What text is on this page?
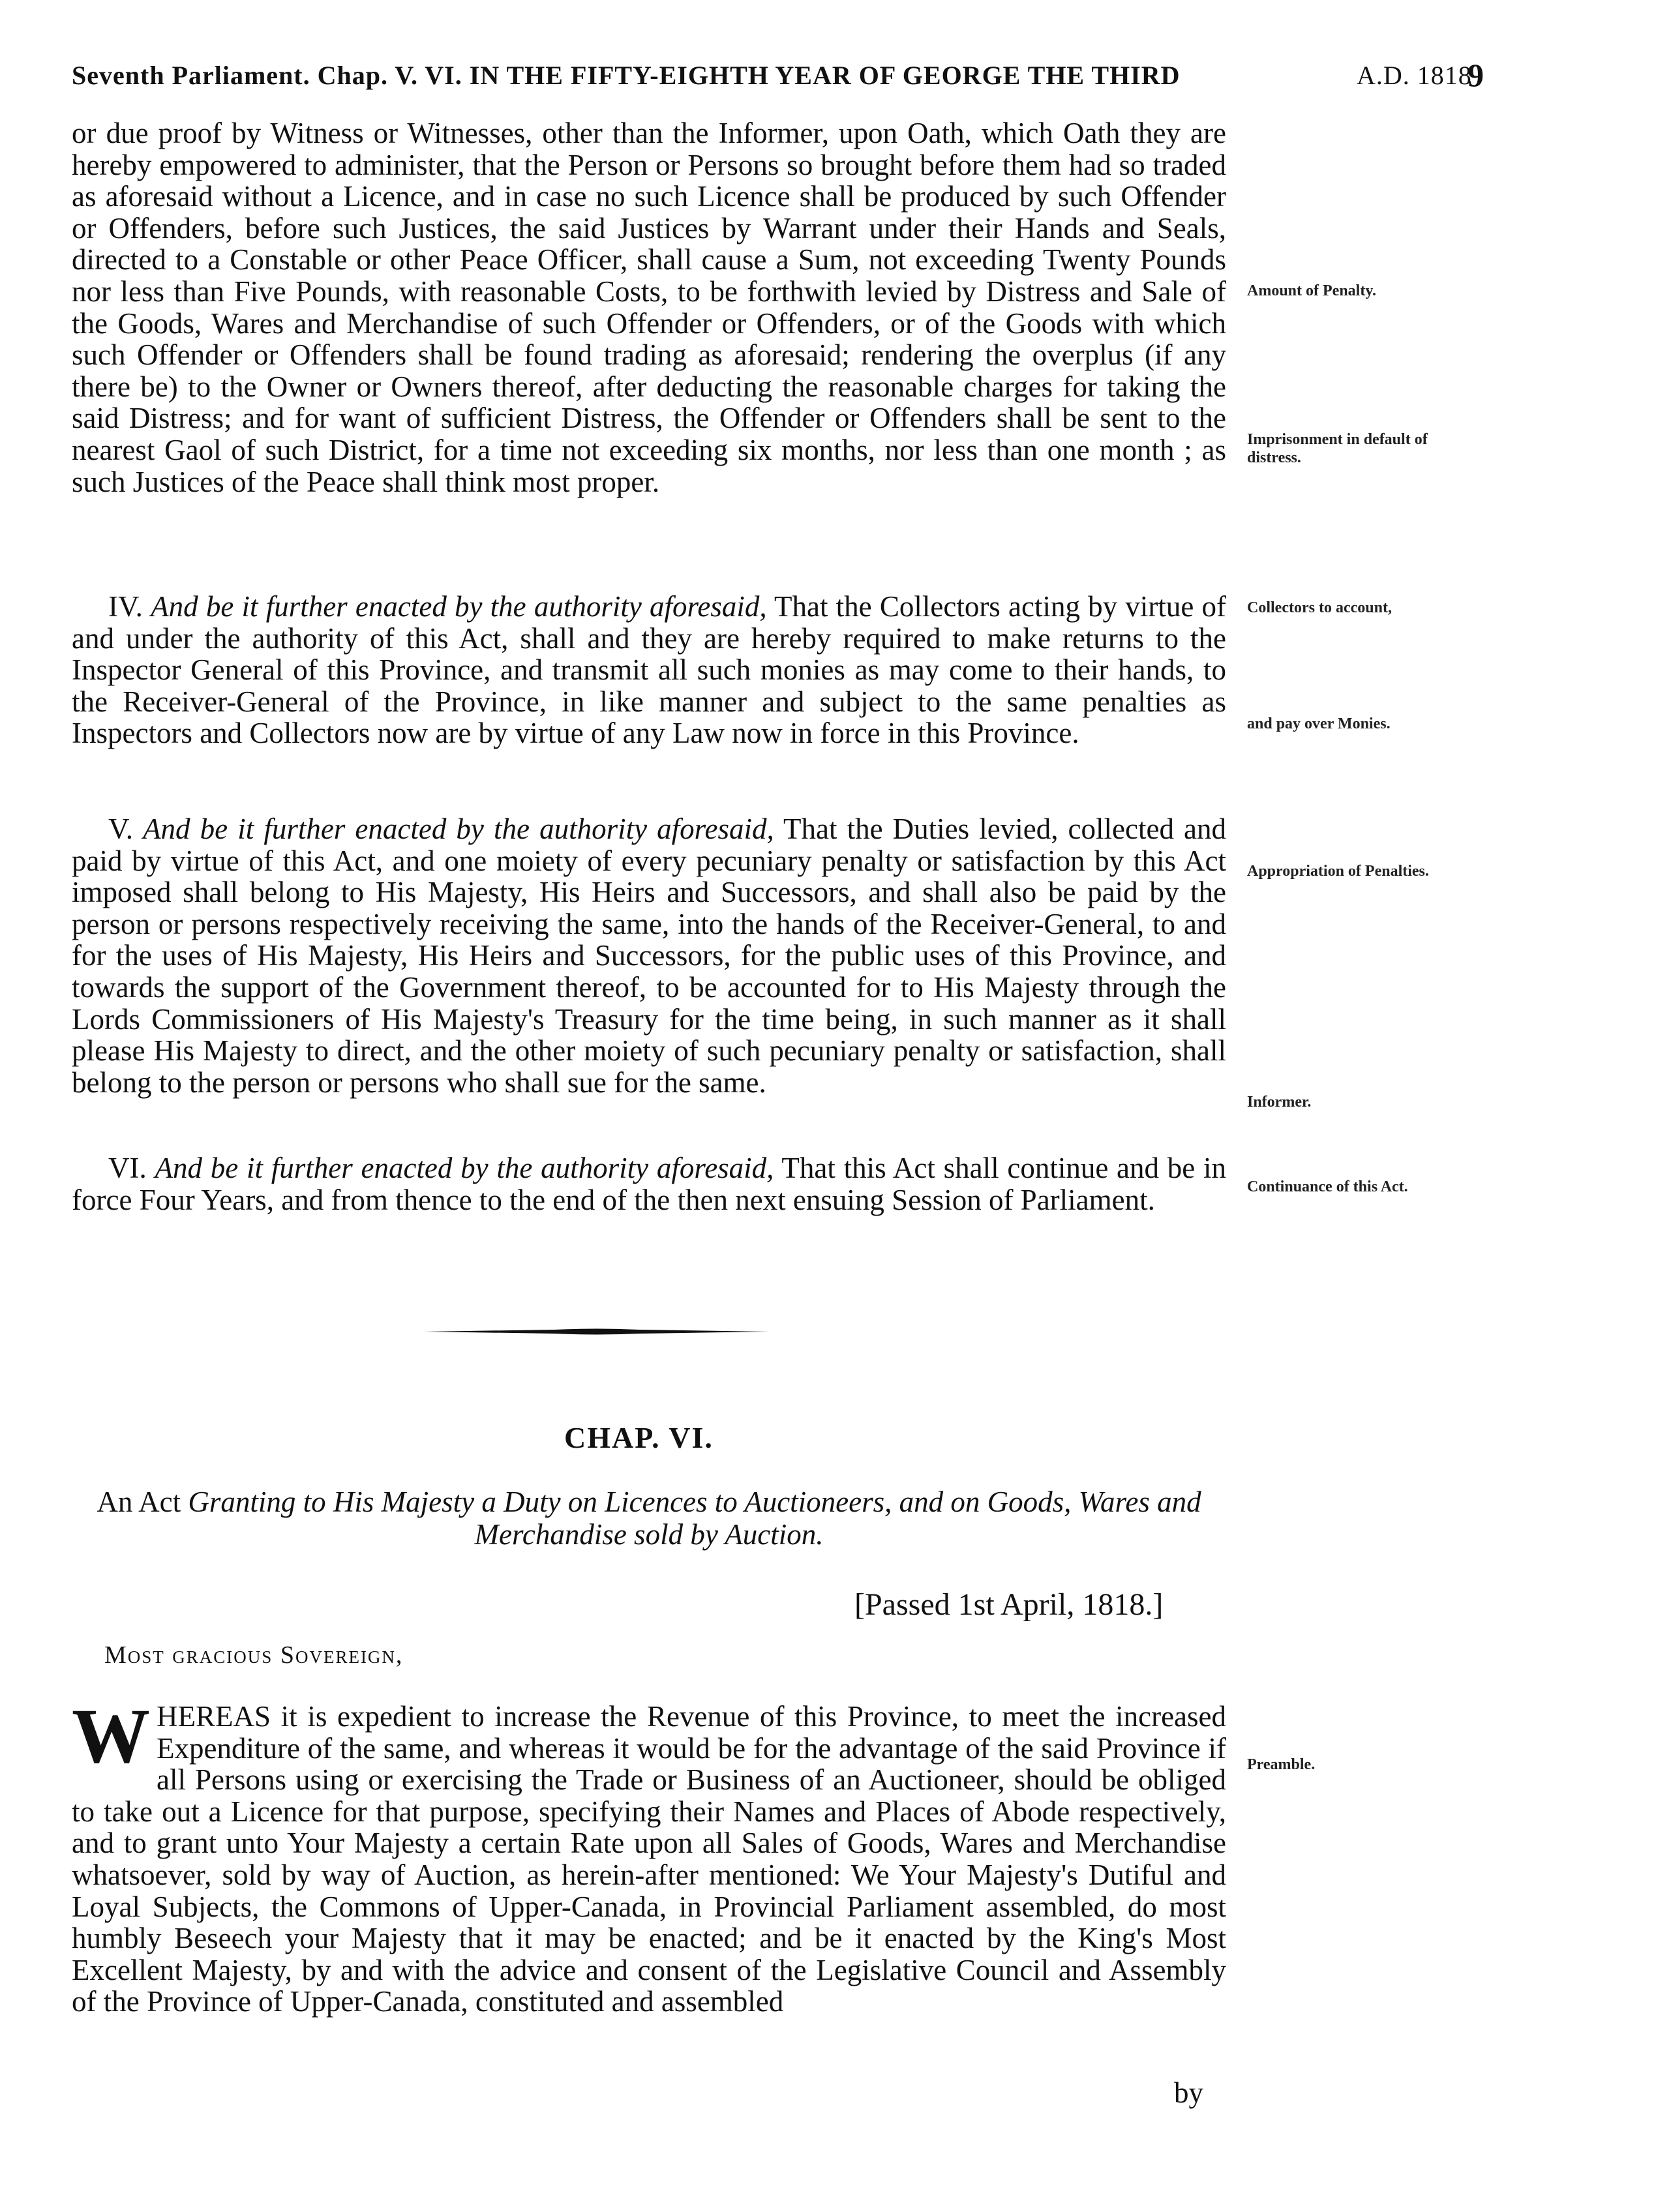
Seventh Parliament. Chap. V. VI. IN THE FIFTY-EIGHTH YEAR OF GEORGE THE THIRD	A.D. 1818
9

or due proof by Witness or Witnesses, other than the Informer, upon Oath, which Oath they are hereby empowered to administer, that the Person or Persons so brought before them had so traded as aforesaid without a Licence, and in case no such Licence shall be produced by such Offender or Offenders, before such Justices, the said Justices by Warrant under their Hands and Seals, directed to a Constable or other Peace Officer, shall cause a Sum, not exceeding Twenty Pounds nor less than Five Pounds, with reasonable Costs, to be forthwith levied by Distress and Sale of the Goods, Wares and Merchandise of such Offender or Offenders, or of the Goods with which such Offender or Offenders shall be found trading as aforesaid; rendering the overplus (if any there be) to the Owner or Owners thereof, after deducting the reasonable charges for taking the said Distress; and for want of sufficient Distress, the Offender or Offenders shall be sent to the nearest Gaol of such District, for a time not exceeding six months, nor less than one month ; as such Justices of the Peace shall think most proper.

IV. And be it further enacted by the authority aforesaid, That the Collectors acting by virtue of and under the authority of this Act, shall and they are hereby required to make returns to the Inspector General of this Province, and transmit all such monies as may come to their hands, to the Receiver-General of the Province, in like manner and subject to the same penalties as Inspectors and Collectors now are by virtue of any Law now in force in this Province.

V. And be it further enacted by the authority aforesaid, That the Duties levied, collected and paid by virtue of this Act, and one moiety of every pecuniary penalty or satisfaction by this Act imposed shall belong to His Majesty, His Heirs and Successors, and shall also be paid by the person or persons respectively receiving the same, into the hands of the Receiver-General, to and for the uses of His Majesty, His Heirs and Successors, for the public uses of this Province, and towards the support of the Government thereof, to be accounted for to His Majesty through the Lords Commissioners of His Majesty's Treasury for the time being, in such manner as it shall please His Majesty to direct, and the other moiety of such pecuniary penalty or satisfaction, shall belong to the person or persons who shall sue for the same.

VI. And be it further enacted by the authority aforesaid, That this Act shall continue and be in force Four Years, and from thence to the end of the then next ensuing Session of Parliament.

Amount of Penalty.
Imprisonment in default of distress.
Collectors to account,
and pay over Monies.
Appropriation of Penalties.
Informer.
Continuance of this Act.
Preamble.
CHAP. VI.
An Act Granting to His Majesty a Duty on Licences to Auctioneers, and on Goods, Wares and Merchandise sold by Auction.
[Passed 1st April, 1818.]
Most gracious Sovereign,
W HEREAS it is expedient to increase the Revenue of this Province, to meet the increased Expenditure of the same, and whereas it would be for the advantage of the said Province if all Persons using or exercising the Trade or Business of an Auctioneer, should be obliged to take out a Licence for that purpose, specifying their Names and Places of Abode respectively, and to grant unto Your Majesty a certain Rate upon all Sales of Goods, Wares and Merchandise whatsoever, sold by way of Auction, as herein-after mentioned: We Your Majesty's Dutiful and Loyal Subjects, the Commons of Upper-Canada, in Provincial Parliament assembled, do most humbly Beseech your Majesty that it may be enacted; and be it enacted by the King's Most Excellent Majesty, by and with the advice and consent of the Legislative Council and Assembly of the Province of Upper-Canada, constituted and assembled

by
